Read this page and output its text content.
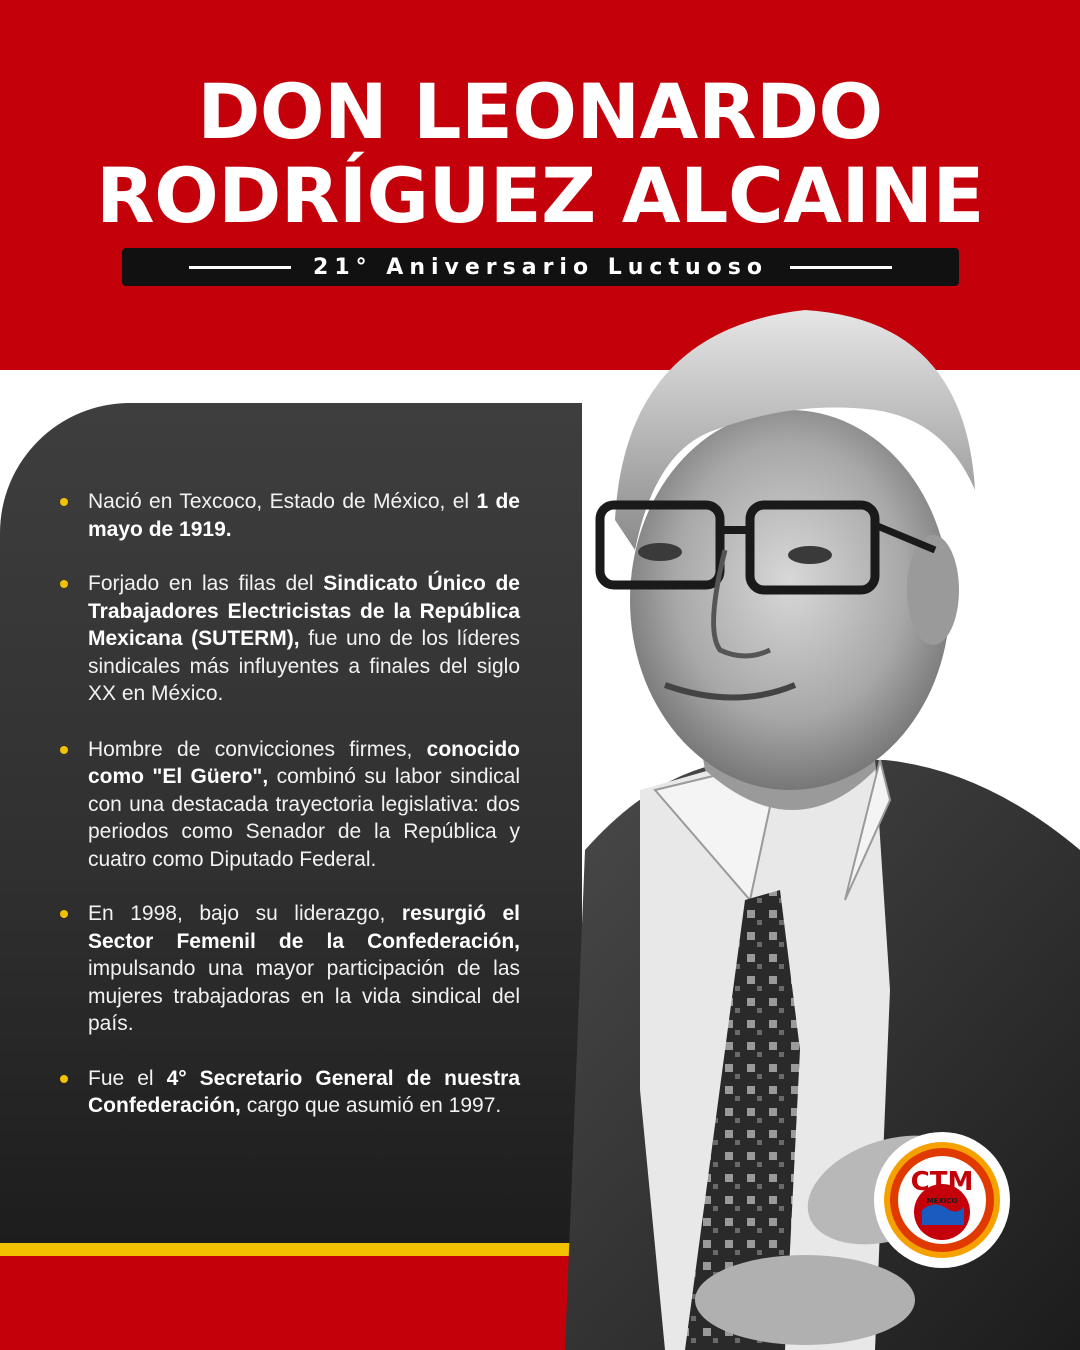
DON LEONARDO
RODRÍGUEZ ALCAINE
21° Aniversario Luctuoso
CTM
MÉXICO
Nació en Texcoco, Estado de México, el 1 de mayo de 1919.
Forjado en las filas del Sindicato Único de Trabajadores Electricistas de la República Mexicana (SUTERM), fue uno de los líderes sindicales más influyentes a finales del siglo XX en México.
Hombre de convicciones firmes, conocido como "El Güero", combinó su labor sindical con una destacada trayectoria legislativa: dos periodos como Senador de la República y cuatro como Diputado Federal.
En 1998, bajo su liderazgo, resurgió el Sector Femenil de la Confederación, impulsando una mayor participación de las mujeres trabajadoras en la vida sindical del país.
Fue el 4° Secretario General de nuestra Confederación, cargo que asumió en 1997.
